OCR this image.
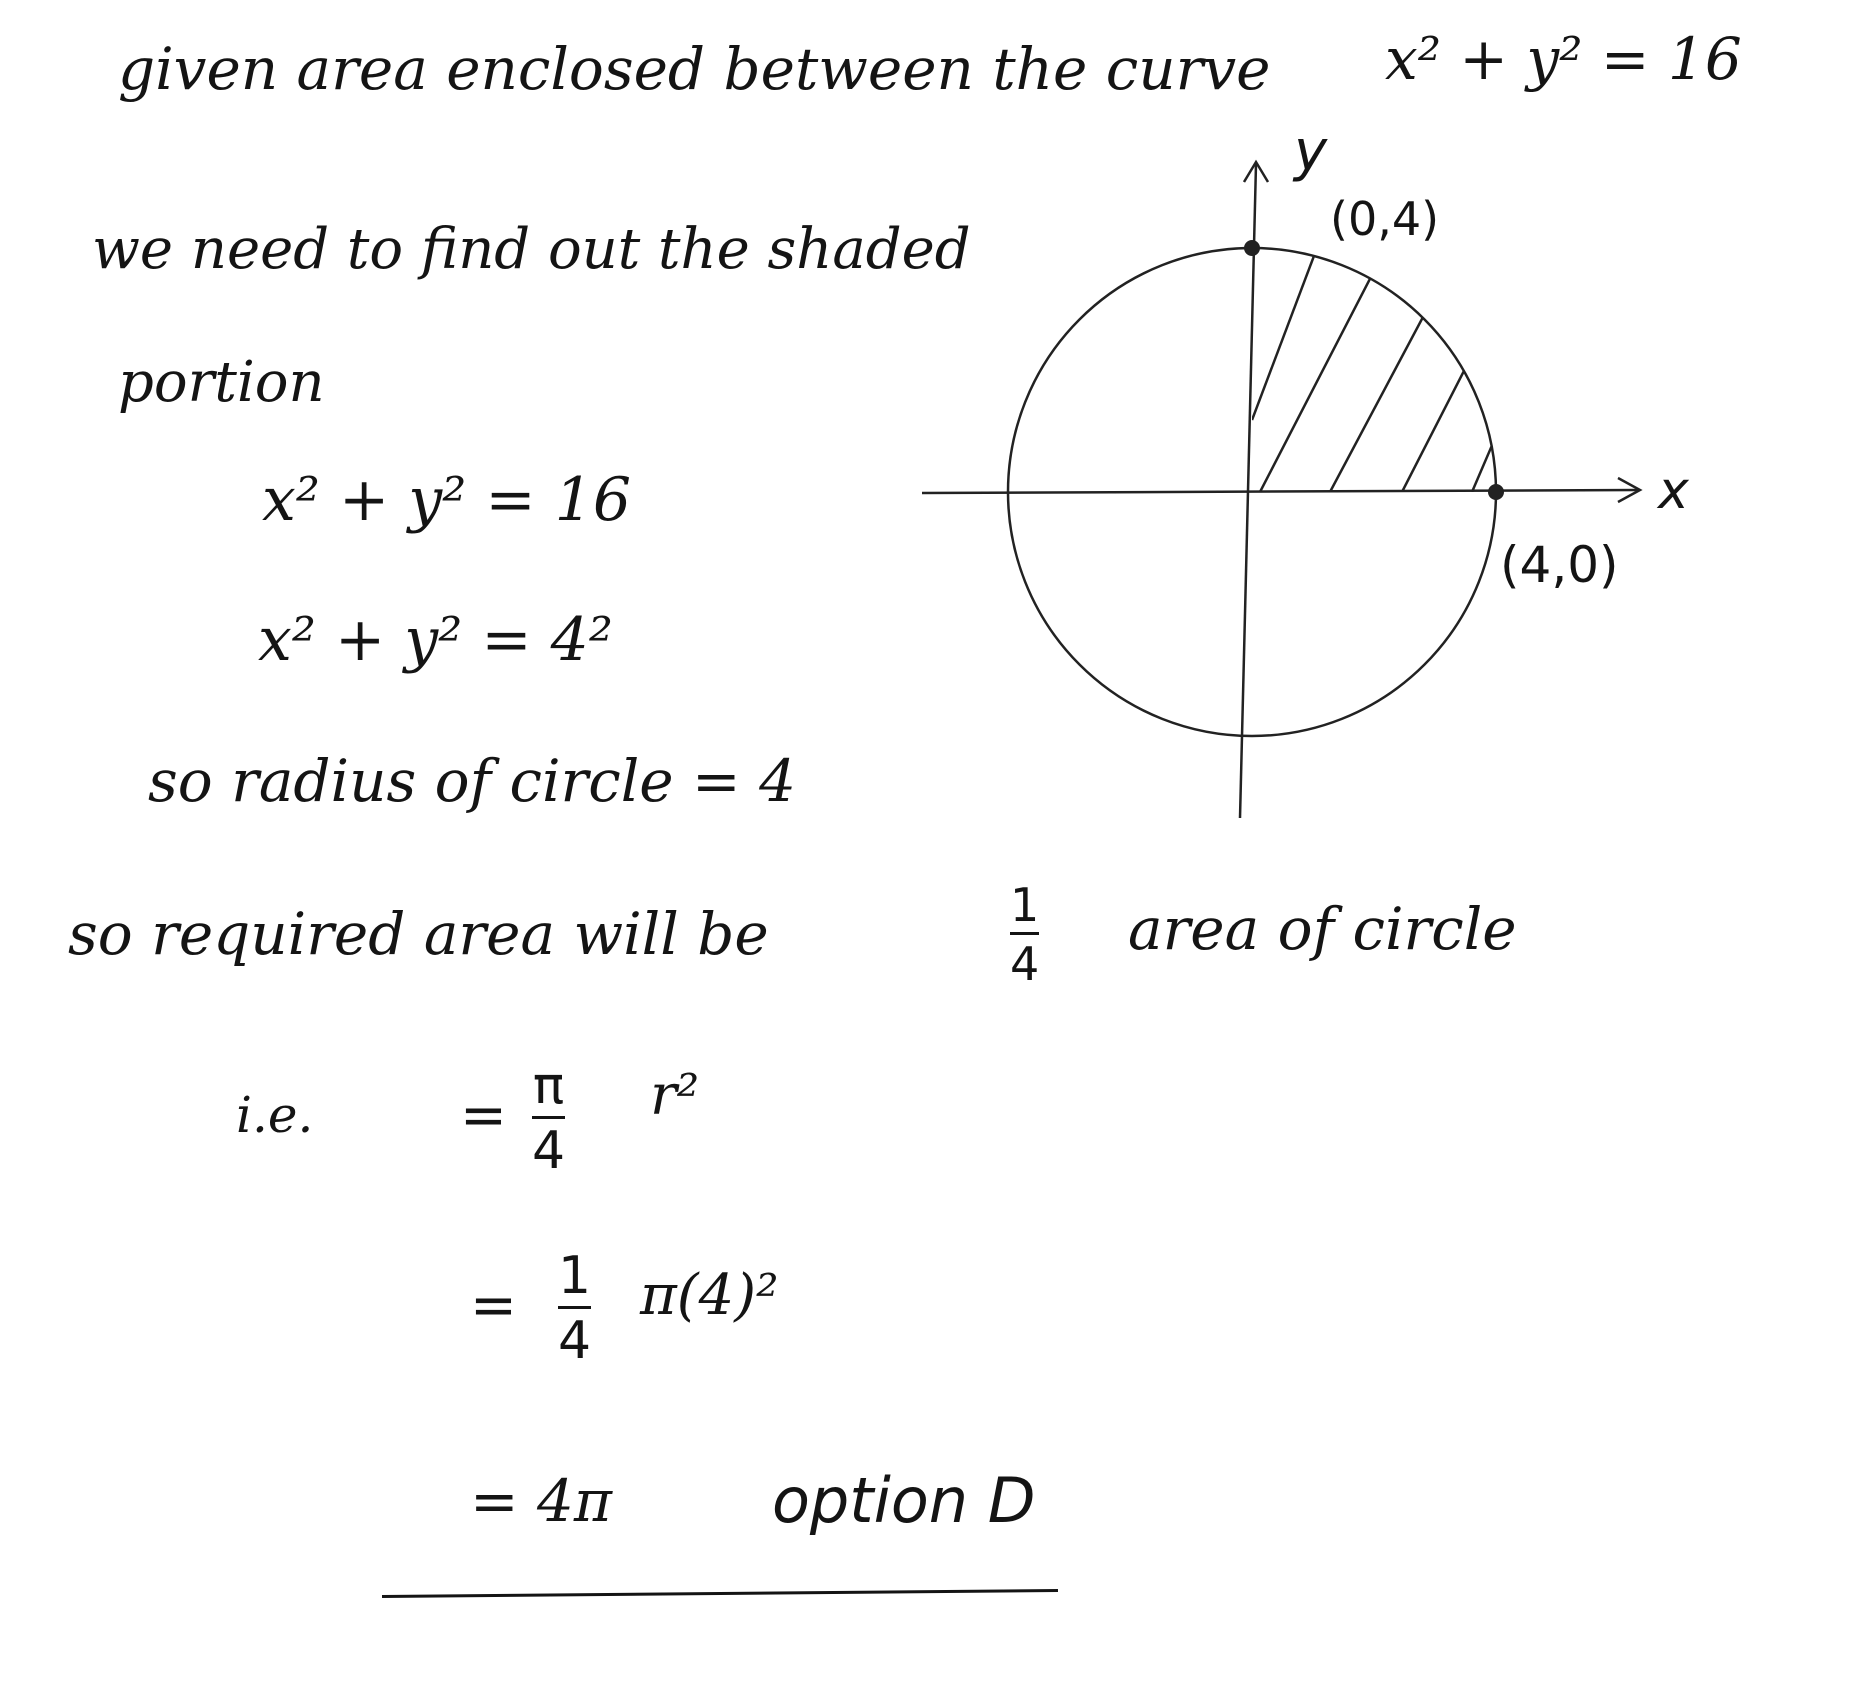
given area enclosed between the curve x² + y² = 16
we need to find out the shaded
portion
x² + y² = 16
x² + y² = 4²
so radius of circle = 4
so required area will be	1
4
area of circle
i.e.	= π
4
r²
= 1
4
π(4)²
= 4π	option D
y
x
(0,4)
(4,0)
